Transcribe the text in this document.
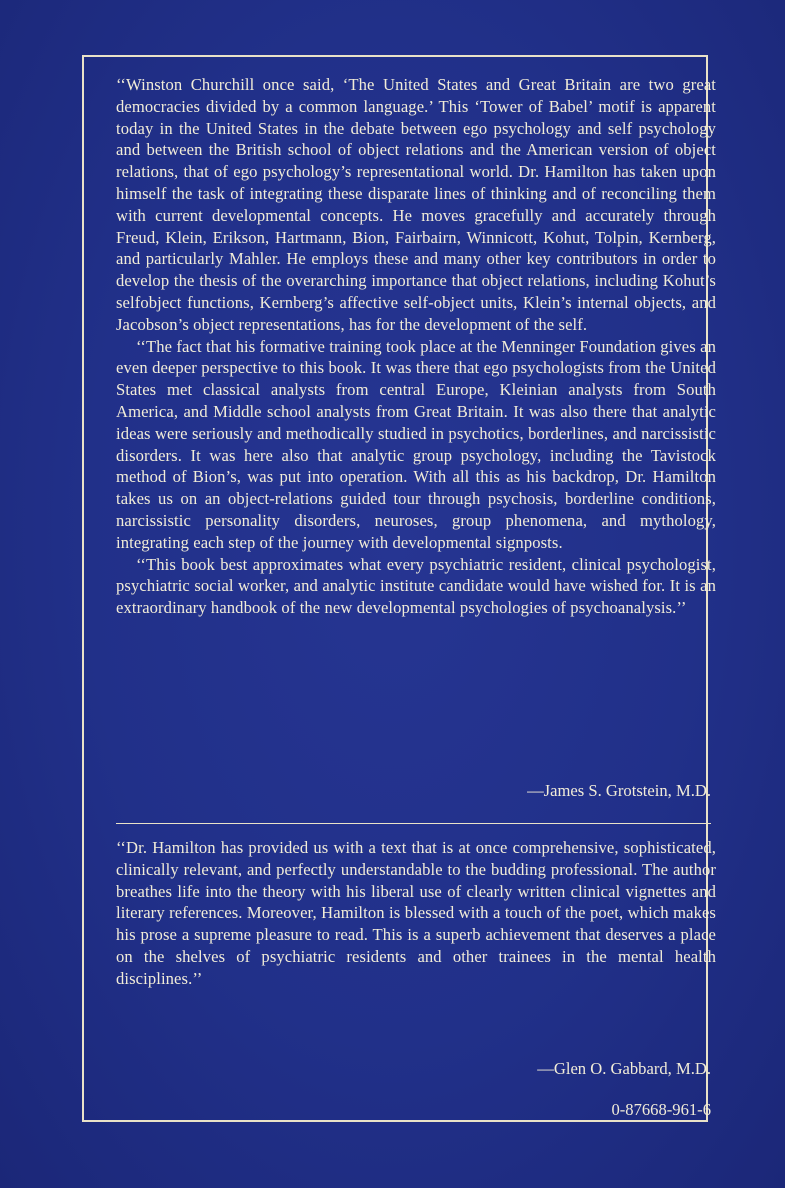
‘‘Winston Churchill once said, ‘The United States and Great Britain are two great democracies divided by a common language.’ This ‘Tower of Babel’ motif is apparent today in the United States in the debate between ego psychology and self psychology and between the British school of object relations and the American version of object relations, that of ego psychology’s representational world. Dr. Hamilton has taken upon himself the task of integrating these disparate lines of thinking and of reconciling them with current developmental concepts. He moves gracefully and accurately through Freud, Klein, Erikson, Hartmann, Bion, Fairbairn, Winnicott, Kohut, Tolpin, Kernberg, and particularly Mahler. He employs these and many other key contributors in order to develop the thesis of the overarching importance that object relations, including Kohut’s selfobject functions, Kernberg’s affective self-object units, Klein’s internal objects, and Jacobson’s object representations, has for the development of the self.

‘‘The fact that his formative training took place at the Menninger Foundation gives an even deeper perspective to this book. It was there that ego psychologists from the United States met classical analysts from central Europe, Kleinian analysts from South America, and Middle school analysts from Great Britain. It was also there that analytic ideas were seriously and methodically studied in psychotics, borderlines, and narcissistic disorders. It was here also that analytic group psychology, including the Tavistock method of Bion’s, was put into operation. With all this as his backdrop, Dr. Hamilton takes us on an object-relations guided tour through psychosis, borderline conditions, narcissistic personality disorders, neuroses, group phenomena, and mythology, integrating each step of the journey with developmental signposts.

‘‘This book best approximates what every psychiatric resident, clinical psychologist, psychiatric social worker, and analytic institute candidate would have wished for. It is an extraordinary handbook of the new developmental psychologies of psychoanalysis.’’

—James S. Grotstein, M.D.

‘‘Dr. Hamilton has provided us with a text that is at once comprehensive, sophisticated, clinically relevant, and perfectly understandable to the budding professional. The author breathes life into the theory with his liberal use of clearly written clinical vignettes and literary references. Moreover, Hamilton is blessed with a touch of the poet, which makes his prose a supreme pleasure to read. This is a superb achievement that deserves a place on the shelves of psychiatric residents and other trainees in the mental health disciplines.’’

—Glen O. Gabbard, M.D.
0-87668-961-6
